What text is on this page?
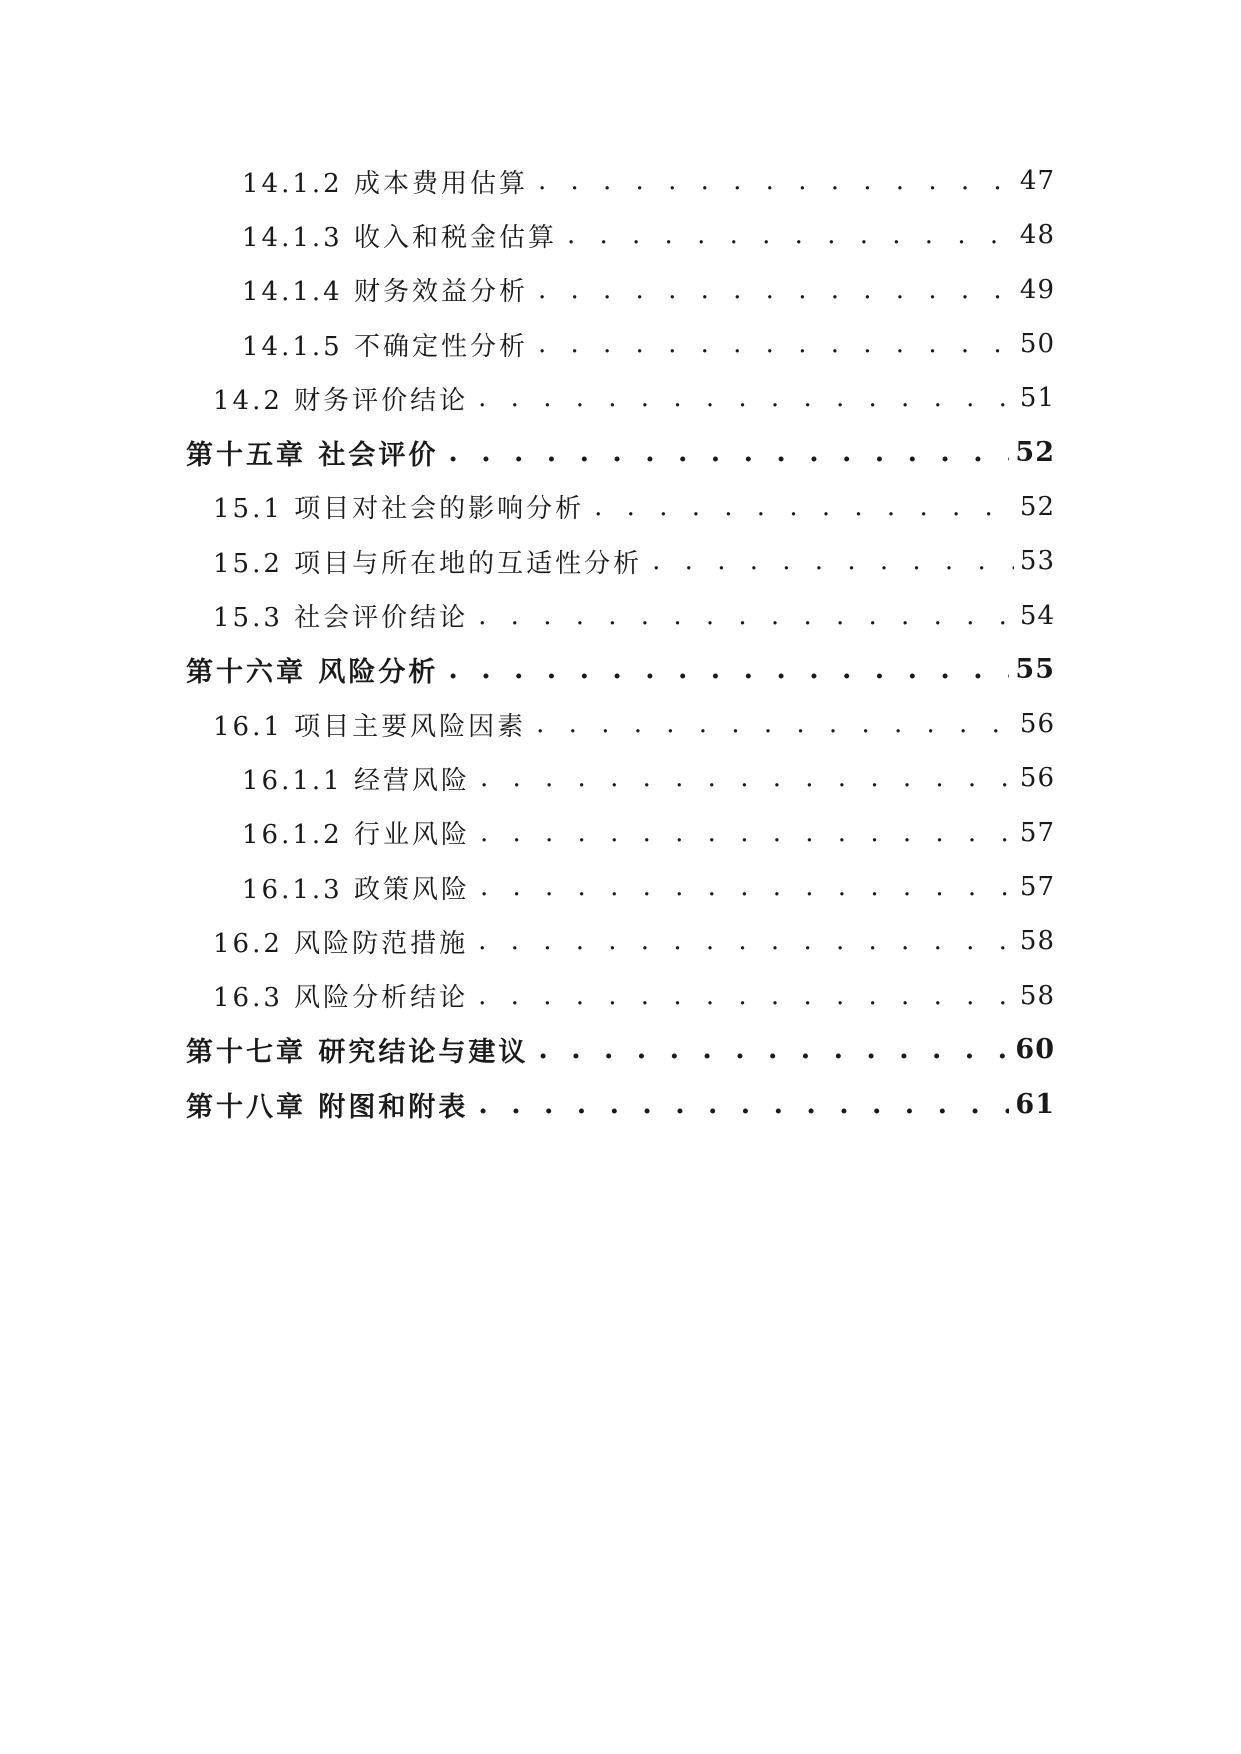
14.1.2 成本费用估算 . . .	47
14.1.3 收入和税金估算 . . .	48
14.1.4 财务效益分析 . . .	49
14.1.5 不确定性分析 . . .	50
14.2 财务评价结论 . . .	51
第十五章 社会评价 . . .	52
15.1 项目对社会的影响分析 . . .	52
15.2 项目与所在地的互适性分析 . . .	53
15.3 社会评价结论 . . .	54
第十六章 风险分析 . . .	55
16.1 项目主要风险因素 . . .	56
16.1.1 经营风险 . . .	56
16.1.2 行业风险 . . .	57
16.1.3 政策风险 . . .	57
16.2 风险防范措施 . . .	58
16.3 风险分析结论 . . .	58
第十七章 研究结论与建议 . . .	60
第十八章 附图和附表 . . .	61
